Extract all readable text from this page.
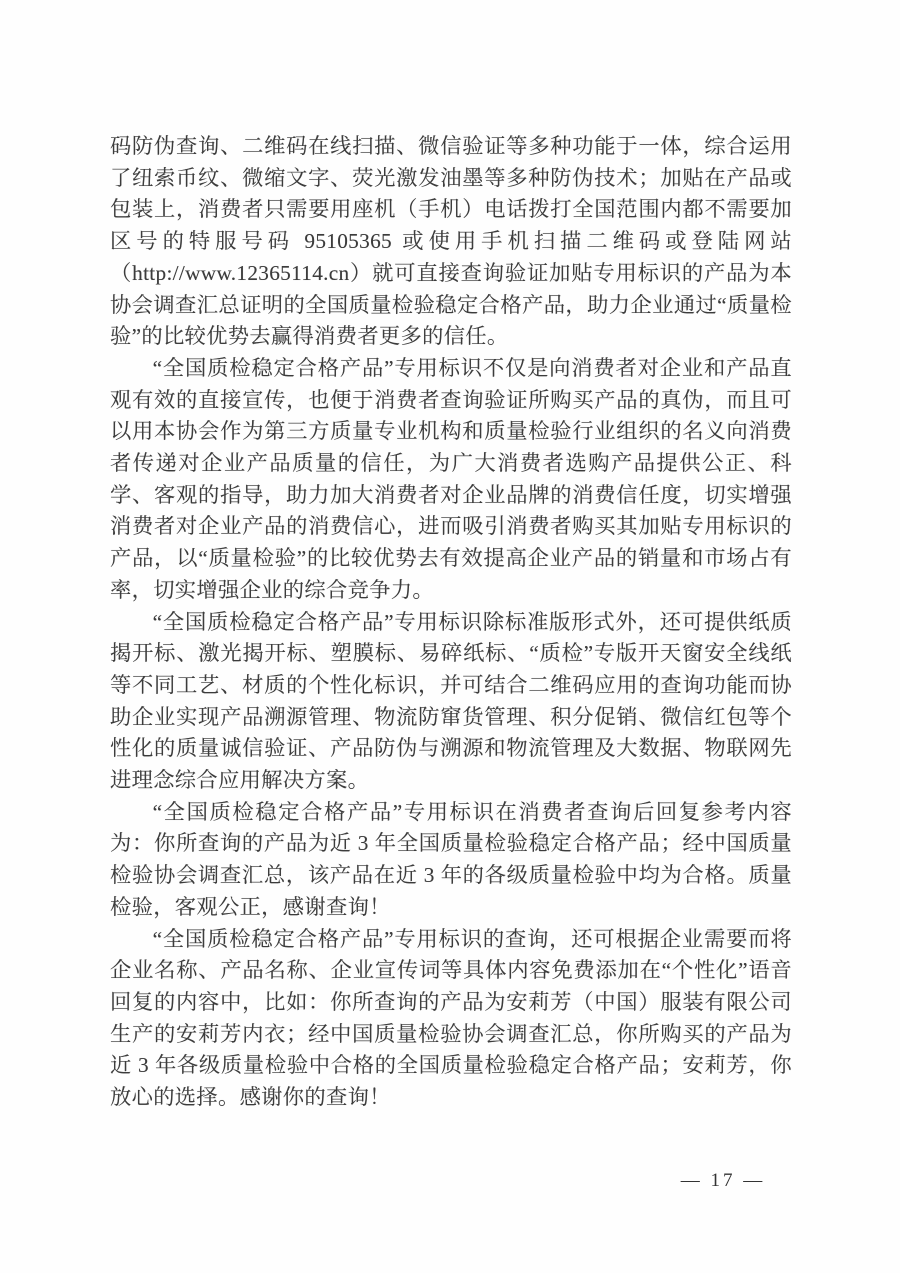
码防伪查询、二维码在线扫描、微信验证等多种功能于一体，综合运用了纽索币纹、微缩文字、荧光激发油墨等多种防伪技术；加贴在产品或包装上，消费者只需要用座机（手机）电话拨打全国范围内都不需要加区号的特服号码 95105365 或使用手机扫描二维码或登陆网站（http://www.12365114.cn）就可直接查询验证加贴专用标识的产品为本协会调查汇总证明的全国质量检验稳定合格产品，助力企业通过“质量检验”的比较优势去赢得消费者更多的信任。

“全国质检稳定合格产品”专用标识不仅是向消费者对企业和产品直观有效的直接宣传，也便于消费者查询验证所购买产品的真伪，而且可以用本协会作为第三方质量专业机构和质量检验行业组织的名义向消费者传递对企业产品质量的信任，为广大消费者选购产品提供公正、科学、客观的指导，助力加大消费者对企业品牌的消费信任度，切实增强消费者对企业产品的消费信心，进而吸引消费者购买其加贴专用标识的产品，以“质量检验”的比较优势去有效提高企业产品的销量和市场占有率，切实增强企业的综合竞争力。

“全国质检稳定合格产品”专用标识除标准版形式外，还可提供纸质揭开标、激光揭开标、塑膜标、易碎纸标、“质检”专版开天窗安全线纸等不同工艺、材质的个性化标识，并可结合二维码应用的查询功能而协助企业实现产品溯源管理、物流防窜货管理、积分促销、微信红包等个性化的质量诚信验证、产品防伪与溯源和物流管理及大数据、物联网先进理念综合应用解决方案。

“全国质检稳定合格产品”专用标识在消费者查询后回复参考内容为：你所查询的产品为近 3 年全国质量检验稳定合格产品；经中国质量检验协会调查汇总，该产品在近 3 年的各级质量检验中均为合格。质量检验，客观公正，感谢查询！

“全国质检稳定合格产品”专用标识的查询，还可根据企业需要而将企业名称、产品名称、企业宣传词等具体内容免费添加在“个性化”语音回复的内容中，比如：你所查询的产品为安莉芳（中国）服装有限公司生产的安莉芳内衣；经中国质量检验协会调查汇总，你所购买的产品为近 3 年各级质量检验中合格的全国质量检验稳定合格产品；安莉芳，你放心的选择。感谢你的查询！

— 17 —
